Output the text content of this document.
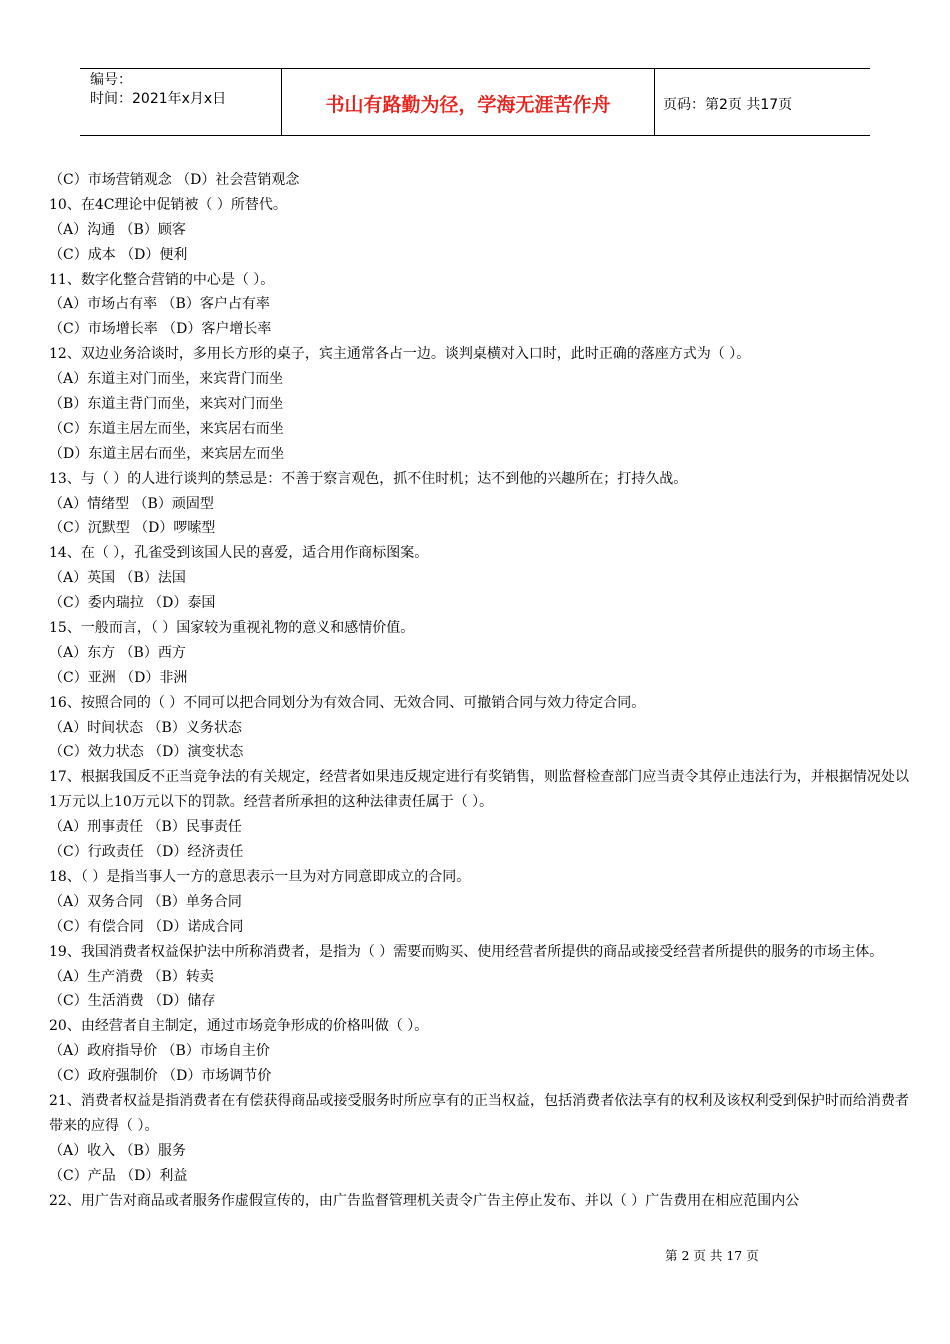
编号：
时间：2021年x月x日	书山有路勤为径，学海无涯苦作舟	页码：第2页 共17页
（C）市场营销观念 （D）社会营销观念
10、在4C理论中促销被（ ）所替代。
（A）沟通 （B）顾客
（C）成本 （D）便利
11、数字化整合营销的中心是（ ）。
（A）市场占有率 （B）客户占有率
（C）市场增长率 （D）客户增长率
12、双边业务洽谈时，多用长方形的桌子，宾主通常各占一边。谈判桌横对入口时，此时正确的落座方式为（ ）。
（A）东道主对门而坐，来宾背门而坐
（B）东道主背门而坐，来宾对门而坐
（C）东道主居左而坐，来宾居右而坐
（D）东道主居右而坐，来宾居左而坐
13、与（ ）的人进行谈判的禁忌是：不善于察言观色，抓不住时机；达不到他的兴趣所在；打持久战。
（A）情绪型 （B）顽固型
（C）沉默型 （D）啰嗦型
14、在（ ），孔雀受到该国人民的喜爱，适合用作商标图案。
（A）英国 （B）法国
（C）委内瑞拉 （D）泰国
15、一般而言，（ ）国家较为重视礼物的意义和感情价值。
（A）东方 （B）西方
（C）亚洲 （D）非洲
16、按照合同的（ ）不同可以把合同划分为有效合同、无效合同、可撤销合同与效力待定合同。
（A）时间状态 （B）义务状态
（C）效力状态 （D）演变状态
17、根据我国反不正当竞争法的有关规定，经营者如果违反规定进行有奖销售，则监督检查部门应当责令其停止违法行为，并根据情况处以1万元以上10万元以下的罚款。经营者所承担的这种法律责任属于（ ）。
（A）刑事责任 （B）民事责任
（C）行政责任 （D）经济责任
18、（ ）是指当事人一方的意思表示一旦为对方同意即成立的合同。
（A）双务合同 （B）单务合同
（C）有偿合同 （D）诺成合同
19、我国消费者权益保护法中所称消费者，是指为（ ）需要而购买、使用经营者所提供的商品或接受经营者所提供的服务的市场主体。
（A）生产消费 （B）转卖
（C）生活消费 （D）储存
20、由经营者自主制定，通过市场竞争形成的价格叫做（ ）。
（A）政府指导价 （B）市场自主价
（C）政府强制价 （D）市场调节价
21、消费者权益是指消费者在有偿获得商品或接受服务时所应享有的正当权益，包括消费者依法享有的权利及该权利受到保护时而给消费者带来的应得（ ）。
（A）收入 （B）服务
（C）产品 （D）利益
22、用广告对商品或者服务作虚假宣传的，由广告监督管理机关责令广告主停止发布、并以（ ）广告费用在相应范围内公
第 2 页 共 17 页
